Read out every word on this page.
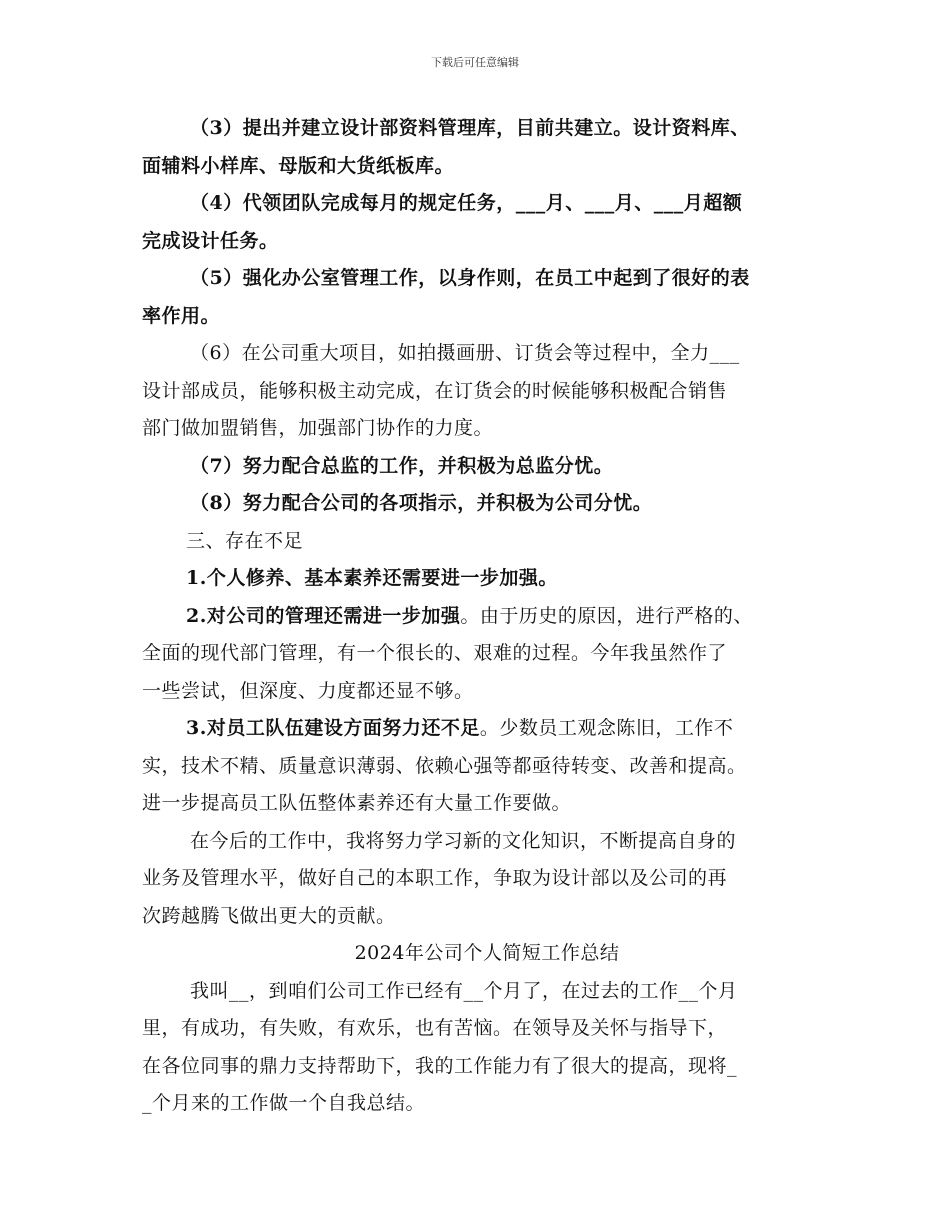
下载后可任意编辑
（3）提出并建立设计部资料管理库，目前共建立。设计资料库、
面辅料小样库、母版和大货纸板库。
（4）代领团队完成每月的规定任务，___月、___月、___月超额
完成设计任务。
（5）强化办公室管理工作，以身作则，在员工中起到了很好的表
率作用。
（6）在公司重大项目，如拍摄画册、订货会等过程中，全力___
设计部成员，能够积极主动完成，在订货会的时候能够积极配合销售
部门做加盟销售，加强部门协作的力度。
（7）努力配合总监的工作，并积极为总监分忧。
（8）努力配合公司的各项指示，并积极为公司分忧。
三、存在不足
1.个人修养、基本素养还需要进一步加强。
2.对公司的管理还需进一步加强。由于历史的原因，进行严格的、
全面的现代部门管理，有一个很长的、艰难的过程。今年我虽然作了
一些尝试，但深度、力度都还显不够。
3.对员工队伍建设方面努力还不足。少数员工观念陈旧，工作不
实，技术不精、质量意识薄弱、依赖心强等都亟待转变、改善和提高。
进一步提高员工队伍整体素养还有大量工作要做。
在今后的工作中，我将努力学习新的文化知识，不断提高自身的
业务及管理水平，做好自己的本职工作，争取为设计部以及公司的再
次跨越腾飞做出更大的贡献。
2024年公司个人简短工作总结
我叫__，到咱们公司工作已经有__个月了，在过去的工作__个月
里，有成功，有失败，有欢乐，也有苦恼。在领导及关怀与指导下，
在各位同事的鼎力支持帮助下，我的工作能力有了很大的提高，现将_
_个月来的工作做一个自我总结。
